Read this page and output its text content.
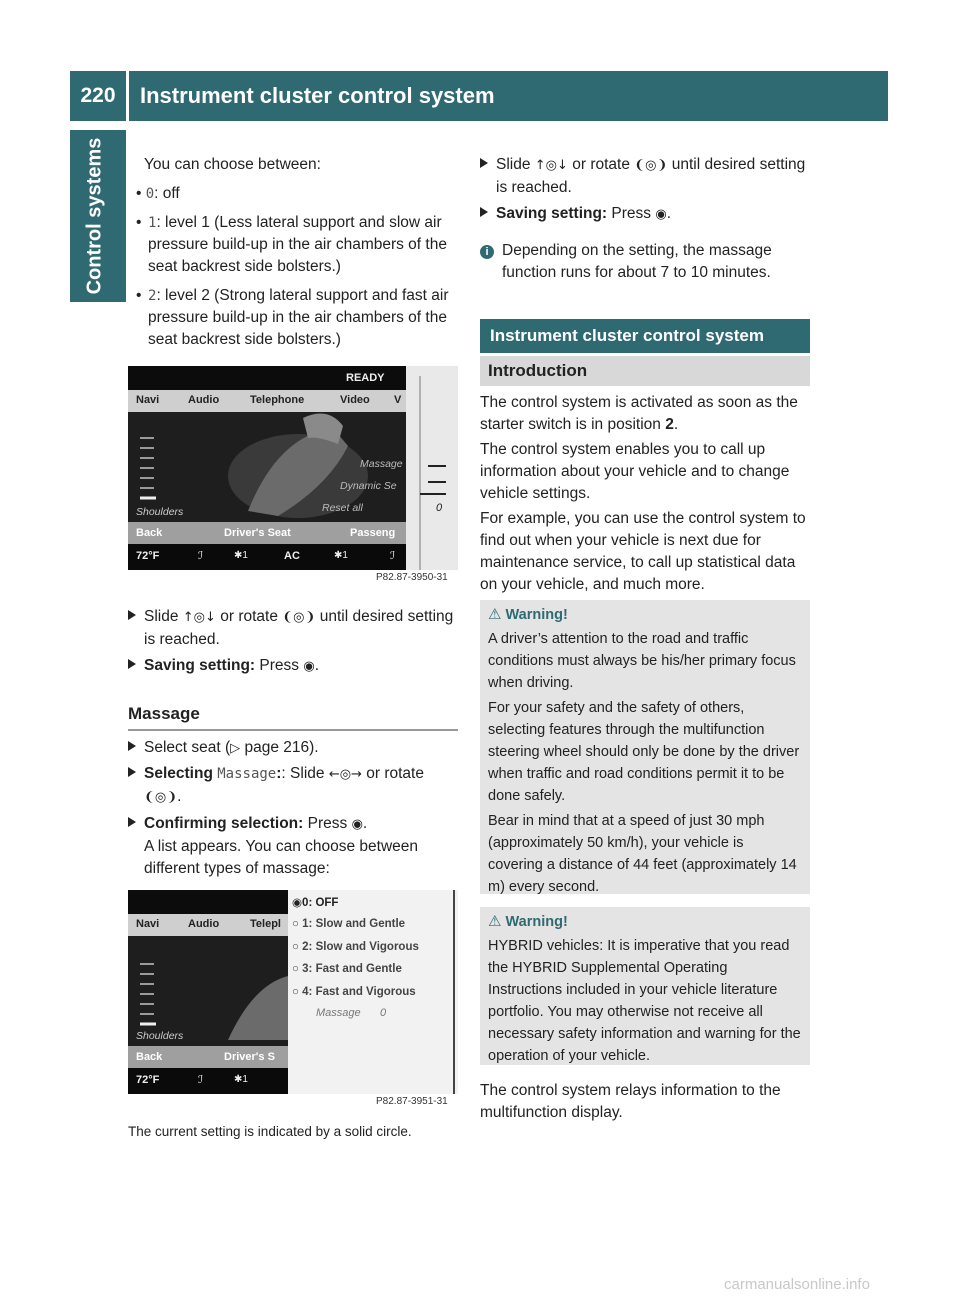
220	Instrument cluster control system
Control systems You can choose between:
• 0: off
• 1: level 1 (Less lateral support and slow air pressure build-up in the air chambers of the seat backrest side bolsters.)
• 2: level 2 (Strong lateral support and fast air pressure build-up in the air chambers of the seat backrest side bolsters.)
READY
Navi	Audio	Telephone	Video V
Massage
Dynamic Se
Reset all
Shoulders
Back	Driver's Seat	Passeng
72°F	AC
ℐ	✱1	✱1	ℐ
0
P82.87-3950-31
Slide ↑◎↓ or rotate ❨◎❩ until desired setting is reached.
Saving setting: Press ◉.
Massage
Select seat (▷ page 216).
Selecting Massage:: Slide ←◎→ or rotate
❨◎❩.
Confirming selection: Press ◉.
A list appears. You can choose between different types of massage:
Navi	Audio	Telepl
Shoulders
Back	Driver's S
72°F	ℐ	✱1
◉0: OFF
○ 1: Slow and Gentle
○ 2: Slow and Vigorous
○ 3: Fast and Gentle
○ 4: Fast and Vigorous
Massage 0
P82.87-3951-31
The current setting is indicated by a solid circle.
Slide ↑◎↓ or rotate ❨◎❩ until desired setting is reached.
Saving setting: Press ◉.
i Depending on the setting, the massage function runs for about 7 to 10 minutes.
Instrument cluster control system
Introduction
The control system is activated as soon as the starter switch is in position 2.
The control system enables you to call up information about your vehicle and to change vehicle settings.
For example, you can use the control system to find out when your vehicle is next due for maintenance service, to call up statistical data on your vehicle, and much more.
⚠ Warning!
A driver’s attention to the road and traffic conditions must always be his/her primary focus when driving.
For your safety and the safety of others, selecting features through the multifunction steering wheel should only be done by the driver when traffic and road conditions permit it to be done safely.
Bear in mind that at a speed of just 30 mph (approximately 50 km/h), your vehicle is covering a distance of 44 feet (approximately 14 m) every second.
⚠ Warning!
HYBRID vehicles: It is imperative that you read the HYBRID Supplemental Operating Instructions included in your vehicle literature portfolio. You may otherwise not receive all necessary safety information and warning for the operation of your vehicle.
The control system relays information to the multifunction display.
carmanualsonline.info
